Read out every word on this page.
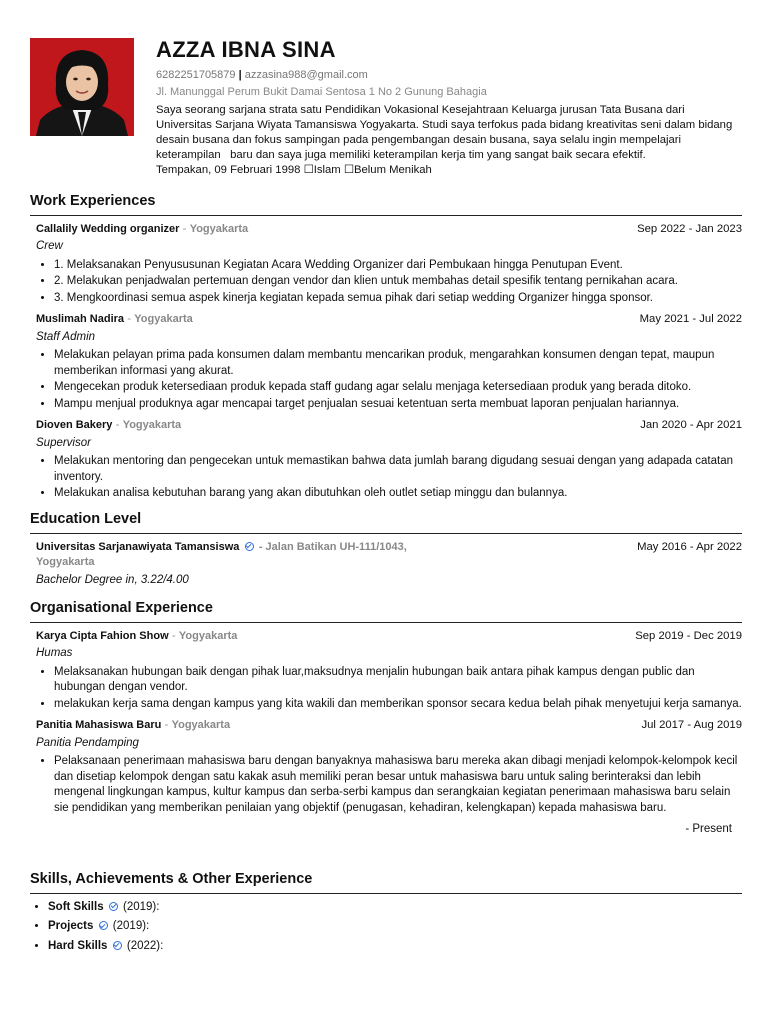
AZZA IBNA SINA
6282251705879 | azzasina988@gmail.com
Jl. Manunggal Perum Bukit Damai Sentosa 1 No 2 Gunung Bahagia
Saya seorang sarjana strata satu Pendidikan Vokasional Kesejahtraan Keluarga jurusan Tata Busana dari Universitas Sarjana Wiyata Tamansiswa Yogyakarta. Studi saya terfokus pada bidang kreativitas seni dalam bidang desain busana dan fokus sampingan pada pengembangan desain busana, saya selalu ingin mempelajari keterampilan   baru dan saya juga memiliki keterampilan kerja tim yang sangat baik secara efektif.
Tempakan, 09 Februari 1998 ☐Islam ☐Belum Menikah
Work Experiences
Callalily Wedding organizer - Yogyakarta	Sep 2022 - Jan 2023
Crew
• 1. Melaksanakan Penyususunan Kegiatan Acara Wedding Organizer dari Pembukaan hingga Penutupan Event.
• 2. Melakukan penjadwalan pertemuan dengan vendor dan klien untuk membahas detail spesifik tentang pernikahan acara.
• 3. Mengkoordinasi semua aspek kinerja kegiatan kepada semua pihak dari setiap wedding Organizer hingga sponsor.
Muslimah Nadira - Yogyakarta	May 2021 - Jul 2022
Staff Admin
• Melakukan pelayan prima pada konsumen dalam membantu mencarikan produk, mengarahkan konsumen dengan tepat, maupun memberikan informasi yang akurat.
• Mengecekan produk ketersediaan produk kepada staff gudang agar selalu menjaga ketersediaan produk yang berada ditoko.
• Mampu menjual produknya agar mencapai target penjualan sesuai ketentuan serta membuat laporan penjualan hariannya.
Dioven Bakery - Yogyakarta	Jan 2020 - Apr 2021
Supervisor
• Melakukan mentoring dan pengecekan untuk memastikan bahwa data jumlah barang digudang sesuai dengan yang adapada catatan inventory.
• Melakukan analisa kebutuhan barang yang akan dibutuhkan oleh outlet setiap minggu dan bulannya.
Education Level
Universitas Sarjanawiyata Tamansiswa - Jalan Batikan UH-111/1043, Yogyakarta
May 2016 - Apr 2022
Bachelor Degree in, 3.22/4.00
Organisational Experience
Karya Cipta Fahion Show - Yogyakarta	Sep 2019 - Dec 2019
Humas
• Melaksanakan hubungan baik dengan pihak luar,maksudnya menjalin hubungan baik antara pihak kampus dengan public dan hubungan dengan vendor.
• melakukan kerja sama dengan kampus yang kita wakili dan memberikan sponsor secara kedua belah pihak menyetujui kerja samanya.
Panitia Mahasiswa Baru - Yogyakarta	Jul 2017 - Aug 2019
Panitia Pendamping
• Pelaksanaan penerimaan mahasiswa baru dengan banyaknya mahasiswa baru mereka akan dibagi menjadi kelompok-kelompok kecil dan disetiap kelompok dengan satu kakak asuh memiliki peran besar untuk mahasiswa baru untuk saling berinteraksi dan lebih mengenal lingkungan kampus, kultur kampus dan serba-serbi kampus dan serangkaian kegiatan penerimaan mahasiswa baru selain sie pendidikan yang memberikan penilaian yang objektif (penugasan, kehadiran, kelengkapan) kepada mahasiswa baru.
- Present
Skills, Achievements & Other Experience
• Soft Skills (2019):
• Projects (2019):
• Hard Skills (2022):
